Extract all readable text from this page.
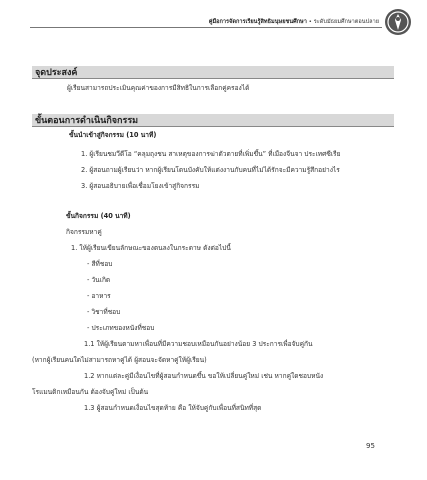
คู่มือการจัดการเรียนรู้สิทธิมนุษยชนศึกษา • ระดับมัธยมศึกษาตอนปลาย
จุดประสงค์
ผู้เรียนสามารถประเมินคุณค่าของการมีสิทธิในการเลือกคู่ครองได้
ขั้นตอนการดำเนินกิจกรรม
ขั้นนำเข้าสู่กิจกรรม (10 นาที)
1. ผู้เรียนชมวีดีโอ “คลุมถุงชน สาเหตุของการฆ่าตัวตายที่เพิ่มขึ้น” ที่เมืองจีนจา ประเทศซีเรีย
2. ผู้สอนถามผู้เรียนว่า หากผู้เรียนโดนบังคับให้แต่งงานกับคนที่ไม่ได้รักจะมีความรู้สึกอย่างไร
3. ผู้สอนอธิบายเพื่อเชื่อมโยงเข้าสู่กิจกรรม
ขั้นกิจกรรม (40 นาที)
กิจกรรมหาคู่
1. ให้ผู้เรียนเขียนลักษณะของตนลงในกระดาษ ดังต่อไปนี้
- สีที่ชอบ
- วันเกิด
- อาหาร
- วิชาที่ชอบ
- ประเภทของหนังที่ชอบ
1.1 ให้ผู้เรียนตามหาเพื่อนที่มีความชอบเหมือนกันอย่างน้อย 3 ประการเพื่อจับคู่กัน
(หากผู้เรียนคนใดไม่สามารถหาคู่ได้ ผู้สอนจะจัดหาคู่ให้ผู้เรียน)
1.2 หากแต่ละคู่มีเงื่อนไขที่ผู้สอนกำหนดขึ้น ขอให้เปลี่ยนคู่ใหม่ เช่น หากคู่ใดชอบหนัง
โรแมนติกเหมือนกัน ต้องจับคู่ใหม่ เป็นต้น
1.3 ผู้สอนกำหนดเงื่อนไขสุดท้าย คือ ให้จับคู่กับเพื่อนที่สนิทที่สุด
95
